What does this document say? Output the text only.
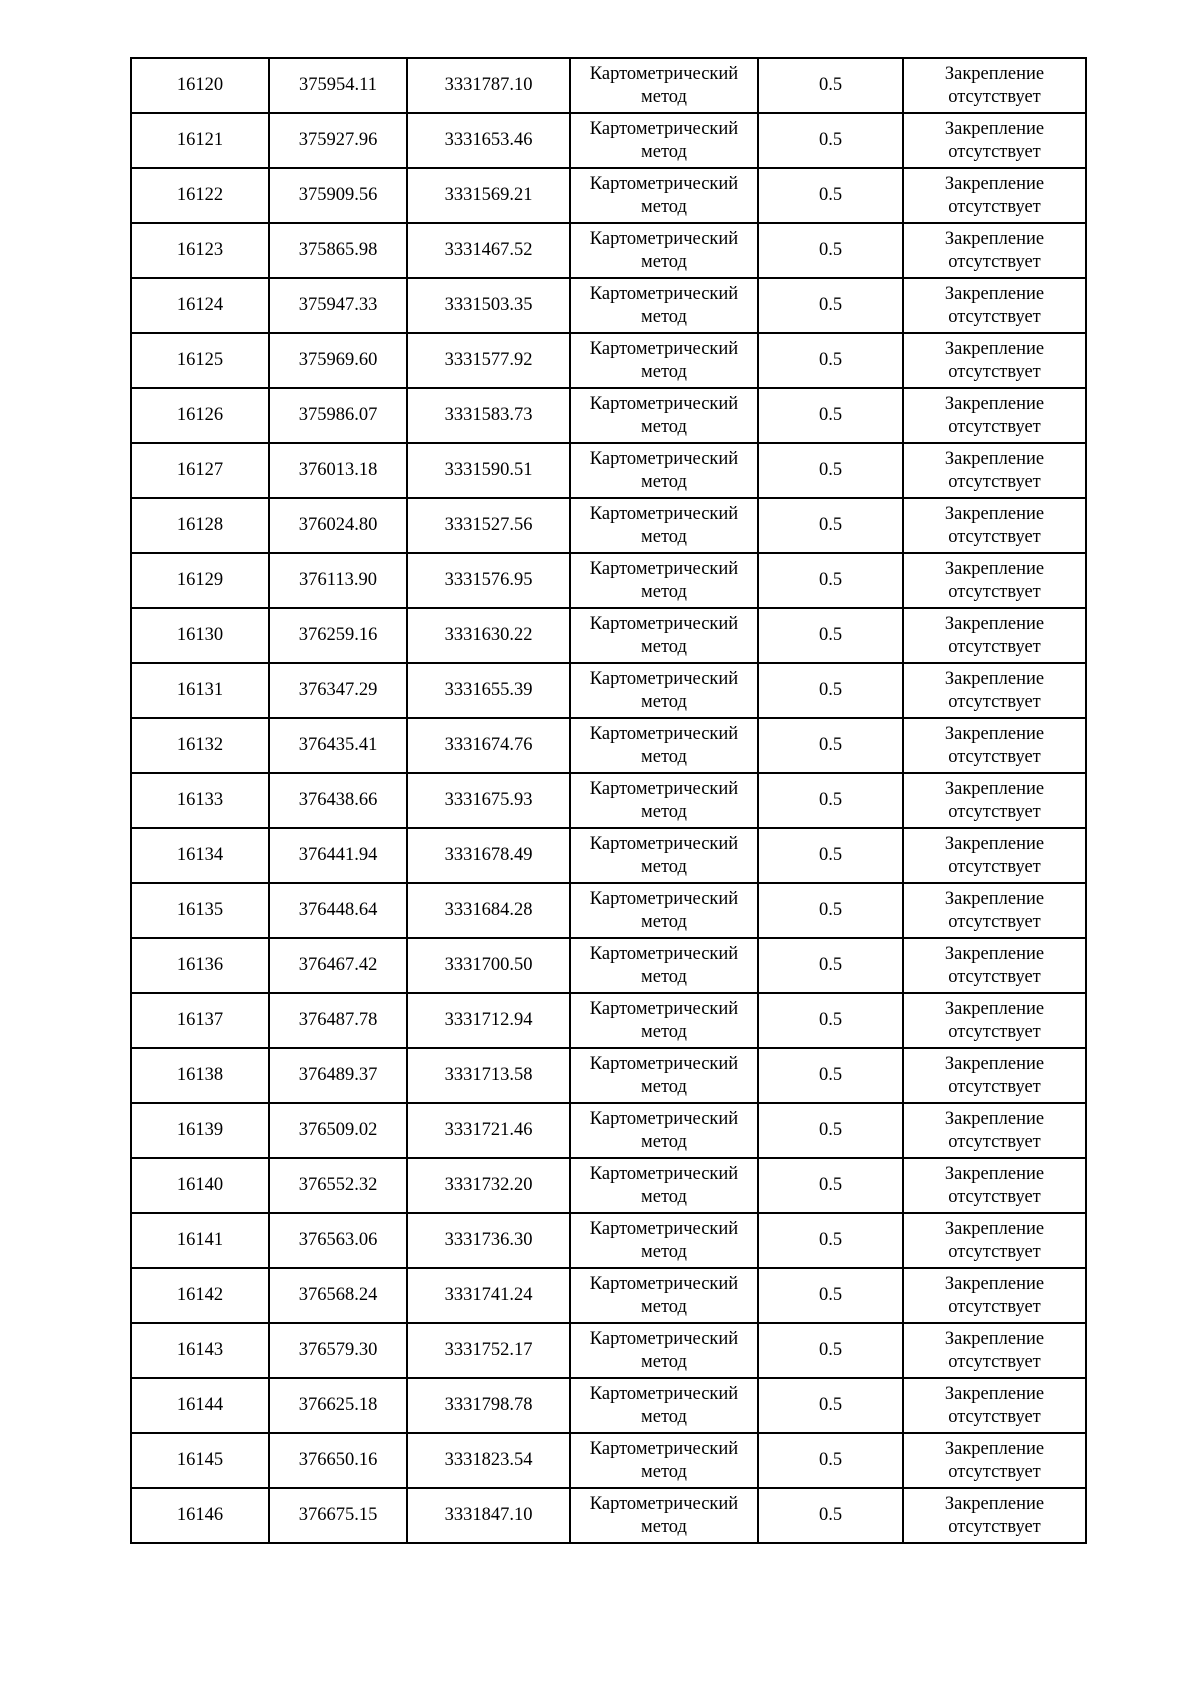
16120	375954.11	3331787.10	Картометрический метод	0.5	Закрепление отсутствует

16121	375927.96	3331653.46	Картометрический метод	0.5	Закрепление отсутствует

16122	375909.56	3331569.21	Картометрический метод	0.5	Закрепление отсутствует

16123	375865.98	3331467.52	Картометрический метод	0.5	Закрепление отсутствует

16124	375947.33	3331503.35	Картометрический метод	0.5	Закрепление отсутствует

16125	375969.60	3331577.92	Картометрический метод	0.5	Закрепление отсутствует

16126	375986.07	3331583.73	Картометрический метод	0.5	Закрепление отсутствует

16127	376013.18	3331590.51	Картометрический метод	0.5	Закрепление отсутствует

16128	376024.80	3331527.56	Картометрический метод	0.5	Закрепление отсутствует

16129	376113.90	3331576.95	Картометрический метод	0.5	Закрепление отсутствует

16130	376259.16	3331630.22	Картометрический метод	0.5	Закрепление отсутствует

16131	376347.29	3331655.39	Картометрический метод	0.5	Закрепление отсутствует

16132	376435.41	3331674.76	Картометрический метод	0.5	Закрепление отсутствует

16133	376438.66	3331675.93	Картометрический метод	0.5	Закрепление отсутствует

16134	376441.94	3331678.49	Картометрический метод	0.5	Закрепление отсутствует

16135	376448.64	3331684.28	Картометрический метод	0.5	Закрепление отсутствует

16136	376467.42	3331700.50	Картометрический метод	0.5	Закрепление отсутствует

16137	376487.78	3331712.94	Картометрический метод	0.5	Закрепление отсутствует

16138	376489.37	3331713.58	Картометрический метод	0.5	Закрепление отсутствует

16139	376509.02	3331721.46	Картометрический метод	0.5	Закрепление отсутствует

16140	376552.32	3331732.20	Картометрический метод	0.5	Закрепление отсутствует

16141	376563.06	3331736.30	Картометрический метод	0.5	Закрепление отсутствует

16142	376568.24	3331741.24	Картометрический метод	0.5	Закрепление отсутствует

16143	376579.30	3331752.17	Картометрический метод	0.5	Закрепление отсутствует

16144	376625.18	3331798.78	Картометрический метод	0.5	Закрепление отсутствует

16145	376650.16	3331823.54	Картометрический метод	0.5	Закрепление отсутствует

16146	376675.15	3331847.10	Картометрический метод	0.5	Закрепление отсутствует
